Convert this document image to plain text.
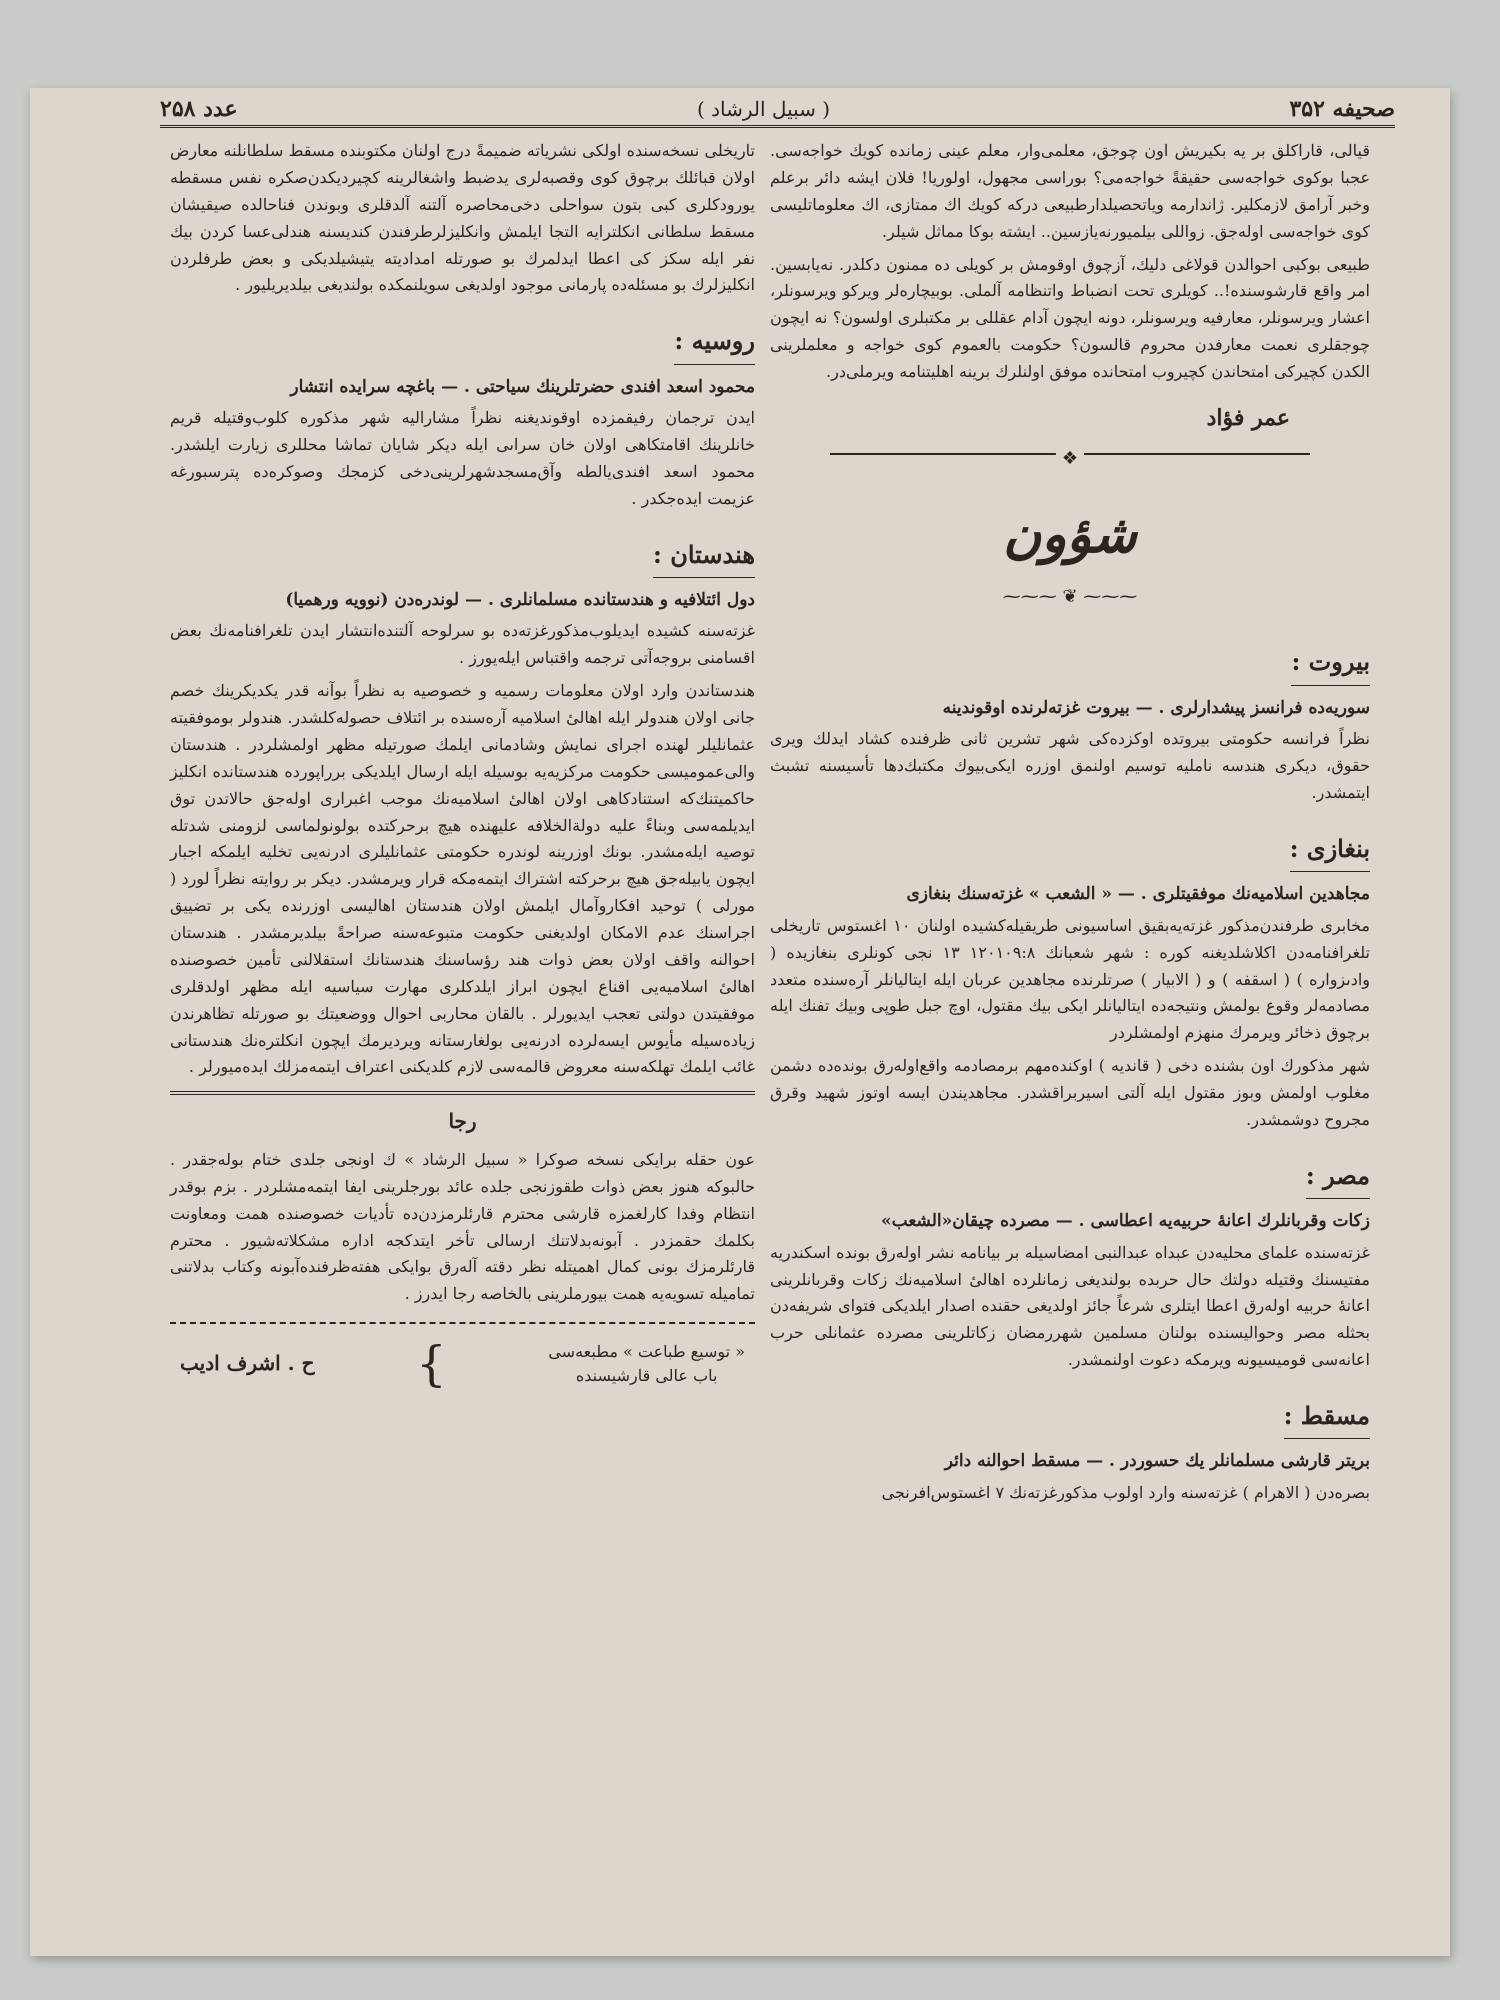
صحيفه ۳۵۲
( سبيل الرشاد )
عدد ۲۵۸

قيالى، قاراكلق بر يه بكيريش اون چوجق، معلمى‌وار، معلم عينى زمانده كويك خواجه‌سى. عجبا بوكوى خواجه‌سى حقيقةً خواجه‌مى؟ بوراسى مجهول، اولوريا! فلان ايشه دائر برعلم وخبر آرامق لازمكلير. ژاندارمه وياتحصيلدارطبيعى دركه كويك اك ممتازى، اك معلوماتليسى كوى خواجه‌سى اوله‌جق. زواللى بيلميورنه‌يازسين.. ايشته بوكا مماثل شيلر.

طبيعى بوكبى احوالدن قولاغى دليك، آزچوق اوقومش بر كويلى ده ممنون دكلدر. نه‌يابسين. امر واقع قارشوسنده!.. كويلرى تحت انضباط واتنظامه آلملى. بوبيچاره‌لر ويركو ويرسونلر، اعشار ويرسونلر، معارفيه ويرسونلر، دونه ايچون آدام عقللى بر مكتبلرى اولسون؟ نه ايچون چوجقلرى نعمت معارفدن محروم قالسون؟ حكومت بالعموم كوى خواجه و معلملرينى الكدن كچيركى امتحاندن كچيروب امتحانده موفق اولنلرك برينه اهليتنامه ويرملى‌در.

عمر فؤاد
❖
شؤون
⁓⁓⁓ ❦ ⁓⁓⁓
بيروت :
سوريه‌ده فرانسز پيشدارلرى . — بيروت غزته‌لرنده اوقوندينه

نظراً فرانسه حكومتى بيروتده اوكزده‌كى شهر تشرين ثانى ظرفنده كشاد ايدلك ويرى حقوق، ديكرى هندسه نامليه توسيم اولنمق اوزره ايكى‌بيوك مكتبك‌دها تأسيسنه تشبث ايتمشدر.

بنغازى :
مجاهدين اسلاميه‌نك موفقيتلرى . — « الشعب » غزته‌سنك بنغازى

مخابرى طرفندن‌مذكور غزته‌يه‌بقيق اساسيونى طريقيله‌كشيده اولنان ۱۰ اغستوس تاريخلى تلغرافنامه‌دن اكلاشلديغنه كوره : شهر شعبانك ۱۲۰۱۰۹:۸ ۱۳ نجى كونلرى بنغازيده ( وادىزواره ) ( اسقفه ) و ( الابيار ) صرتلرنده مجاهدين عربان ايله ايتاليانلر آره‌سنده متعدد مصادمه‌لر وقوع بولمش ونتيجه‌ده ايتاليانلر ايكى بيك مقتول، اوچ جبل طوپى وبيك تفنك ايله برچوق ذخائر ويرمرك منهزم اولمشلردر

شهر مذكورك اون بشنده دخى ( قانديه ) اوكنده‌مهم برمصادمه واقع‌اوله‌رق بونده‌ده دشمن مغلوب اولمش وبوز مقتول ايله آلتى اسيربراقشدر. مجاهديندن ايسه اوتوز شهيد وقرق مجروح دوشمشدر.

مصر :
زكات وقربانلرك اعانهٔ حربيه‌يه اعطاسى . — مصرده چيقان«الشعب»

غزته‌سنده علماى محليه‌دن عبداه عبدالنبى امضاسيله بر بيانامه نشر اوله‌رق بونده اسكندريه مفتيسنك وقتيله دولتك حال حربده بولنديغى زمانلرده اهالىٔ اسلاميه‌نك زكات وقربانلرينى اعانهٔ حربيه اوله‌رق اعطا ايتلرى شرعاً جائز اولديغى حقنده اصدار ايلديكى فتواى شريفه‌دن بحثله مصر وحواليسنده بولنان مسلمين شهررمضان زكاتلرينى مصرده عثمانلى حرب اعانه‌سى قوميسيونه ويرمكه دعوت اولنمشدر.

مسقط :
بريتر قارشى مسلمانلر يك حسوردر . — مسقط احوالنه دائر

بصره‌دن ( الاهرام ) غزته‌سنه وارد اولوب مذكورغزته‌نك ۷ اغستوس‌افرنجى

تاريخلى نسخه‌سنده اولكى نشرياته ضميمةً درج اولنان مكتوبنده مسقط سلطانلنه معارض اولان قبائلك برچوق كوى وقصبه‌لرى يدضبط واشغالرينه كچيرديكدن‌صكره نفس مسقطه يورودكلرى كبى بتون سواحلى دخى‌محاصره آلتنه آلدقلرى وبوندن فناحالده صيقيشان مسقط سلطانى انكلترايه التجا ايلمش وانكليزلرطرفندن كنديسنه هندلى‌عسا كردن بيك نفر ايله سكز كى اعطا ايدلمرك بو صورتله امداديته يتيشيلديكى و بعض طرفلردن انكليزلرك بو مسئله‌ده پارمانى موجود اولديغى سويلنمكده بولنديغى بيلديريليور .

روسيه :
محمود اسعد افندى حضرتلرينك سياحتى . — باغچه سرايده انتشار

ايدن ترجمان رفيقمزده اوقونديغنه نظراً مشاراليه شهر مذكوره كلوب‌وقتيله قريم خانلرينك اقامتكاهى اولان خان سراىى ايله ديكر شايان تماشا محللرى زيارت ايلشدر. محمود اسعد افندى‌يالطه وآق‌مسجدشهرلرينى‌دخى كزمجك وصوكره‌ده پترسبورغه عزيمت ايده‌جكدر .

هندستان :
دول ائتلافيه و هندستانده مسلمانلرى . — لوندره‌دن (نوويه ورهميا)

غزته‌سنه كشيده ايديلوب‌مذكورغزته‌ده بو سرلوحه آلتنده‌انتشار ايدن تلغرافنامه‌نك بعض اقسامنى بروجه‌آتى ترجمه واقتباس ايله‌يورز .

هندستاندن وارد اولان معلومات رسميه و خصوصيه به نظراً بوآنه قدر يكديكرينك خصم جانى اولان هندولر ايله اهالىٔ اسلاميه آره‌سنده بر ائتلاف حصوله‌كلشدر. هندولر بوموفقيته عثمانليلر لهنده اجراى نمايش وشادمانى ايلمك صورتيله مظهر اولمشلردر . هندستان والى‌عموميسى حكومت مركزيه‌يه بوسيله ايله ارسال ايلديكى برراپورده هندستانده انكليز حاكميتنك‌كه استنادكاهى اولان اهالىٔ اسلاميه‌نك موجب اغبرارى اوله‌جق حالاتدن توق ايديلمه‌سى وبناءً عليه دولة‌الخلافه عليهنده هيچ برحركتده بولونولماسى لزومنى شدتله توصيه ايله‌مشدر. بونك اوزرينه لوندره حكومتى عثمانليلرى ادرنه‌يى تخليه ايلمكه اجبار ايچون يابيله‌جق هيچ برحركته اشتراك ايتمه‌مكه قرار ويرمشدر. ديكر بر روايته نظراً لورد ( مورلى ) توحيد افكاروآمال ايلمش اولان هندستان اهاليسى اوزرنده يكى بر تضييق اجراسنك عدم الامكان اولديغنى حكومت متبوعه‌سنه صراحةً بيلديرمشدر . هندستان احوالنه واقف اولان بعض ذوات هند رؤساسنك هندستانك استقلالنى تأمين خصوصنده اهالىٔ اسلاميه‌يى اقناع ايچون ابراز ايلدكلرى مهارت سياسيه ايله مظهر اولدقلرى موفقيتدن دولتى تعجب ايديورلر . بالقان محاربى احوال ووضعيتك بو صورتله تظاهرندن زياده‌سيله مأيوس ايسه‌لرده ادرنه‌يى بولغارستانه ويرديرمك ايچون انكلتره‌نك هندستانى غائب ايلمك تهلكه‌سنه معروض قالمه‌سى لازم كلديكنى اعتراف ايتمه‌مزلك ايده‌ميورلر .

رجا

عون حقله برايكى نسخه صوكرا « سبيل الرشاد » ك اونجى جلدى ختام بوله‌جقدر . حالبوكه هنوز بعض ذوات طقوزنجى جلده عائد بورجلرينى ايفا ايتمه‌مشلردر . بزم بوقدر انتظام وفدا كارلغمزه قارشى محترم قارئلرمزدن‌ده تأديات خصوصنده همت ومعاونت بكلمك حقمزدر . آبونه‌بدلاتنك ارسالى تأخر ايتدكجه اداره مشكلاته‌شيور . محترم قارئلرمزك بونى كمال اهميتله نظر دقته آله‌رق بوايكى هفته‌ظرفنده‌آبونه وكتاب بدلاتنى تماميله تسويه‌يه همت بيورملرينى بالخاصه رجا ايدرز .

« توسيع طباعت » مطبعه‌سى
باب عالى قارشيسنده
}
ح . اشرف اديب
